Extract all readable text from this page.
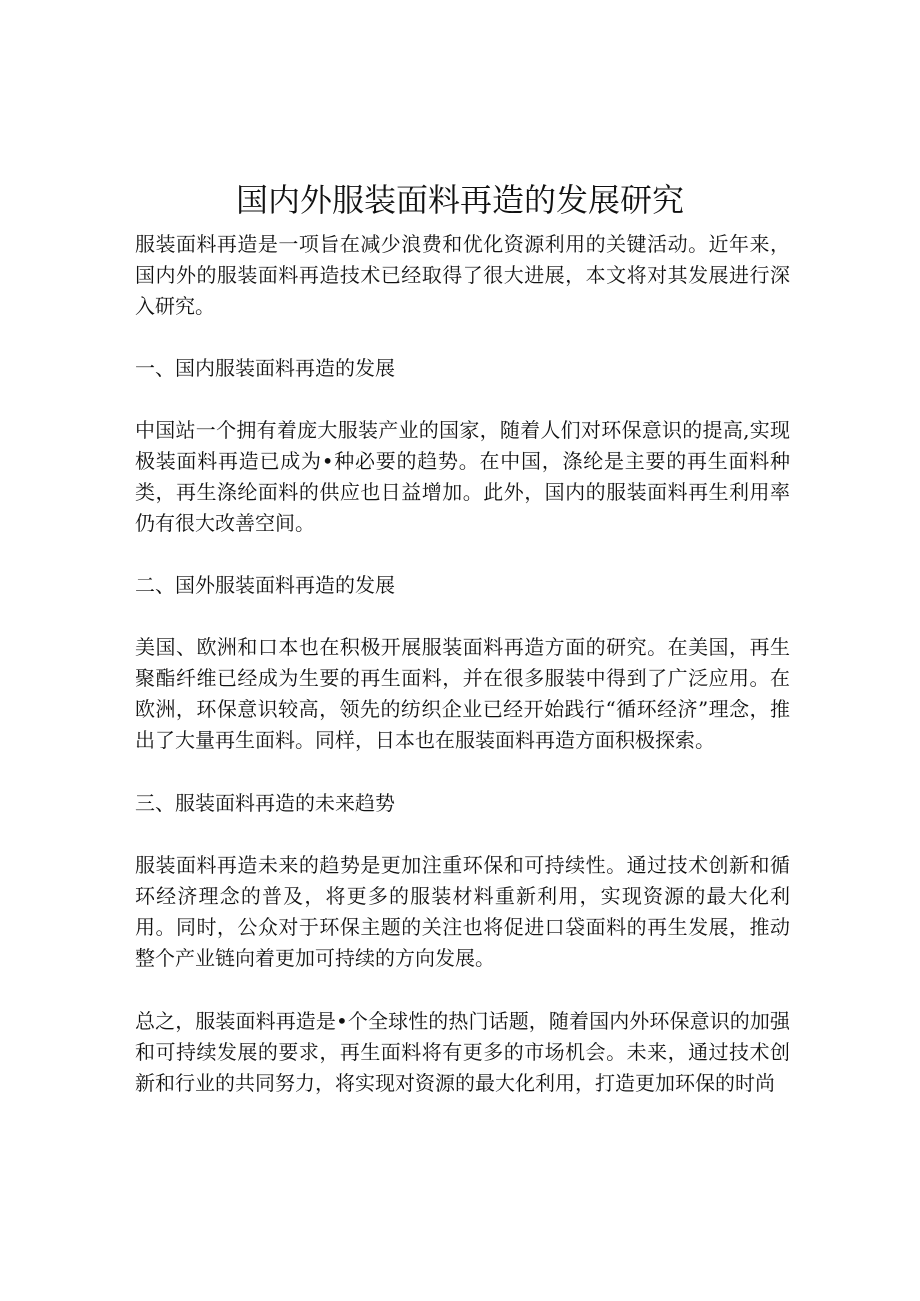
国内外服装面料再造的发展研究

服装面料再造是一项旨在减少浪费和优化资源利用的关键活动。近年来，国内外的服装面料再造技术已经取得了很大进展，本文将对其发展进行深入研究。

一、国内服装面料再造的发展

中国站一个拥有着庞大服装产业的国家，随着人们对环保意识的提高,实现极装面料再造已成为•种必要的趋势。在中国，涤纶是主要的再生面料种类，再生涤纶面料的供应也日益增加。此外，国内的服装面料再生利用率仍有很大改善空间。

二、国外服装面料再造的发展

美国、欧洲和口本也在积极开展服装面料再造方面的研究。在美国，再生聚酯纤维已经成为生要的再生面料，并在很多服装中得到了广泛应用。在欧洲，环保意识较高，领先的纺织企业已经开始践行“循环经济”理念，推出了大量再生面料。同样，日本也在服装面料再造方面积极探索。

三、服装面料再造的未来趋势

服装面料再造未来的趋势是更加注重环保和可持续性。通过技术创新和循环经济理念的普及，将更多的服装材料重新利用，实现资源的最大化利用。同时，公众对于环保主题的关注也将促进口袋面料的再生发展，推动整个产业链向着更加可持续的方向发展。

总之，服装面料再造是•个全球性的热门话题，随着国内外环保意识的加强和可持续发展的要求，再生面料将有更多的市场机会。未来，通过技术创新和行业的共同努力，将实现对资源的最大化利用，打造更加环保的时尚
